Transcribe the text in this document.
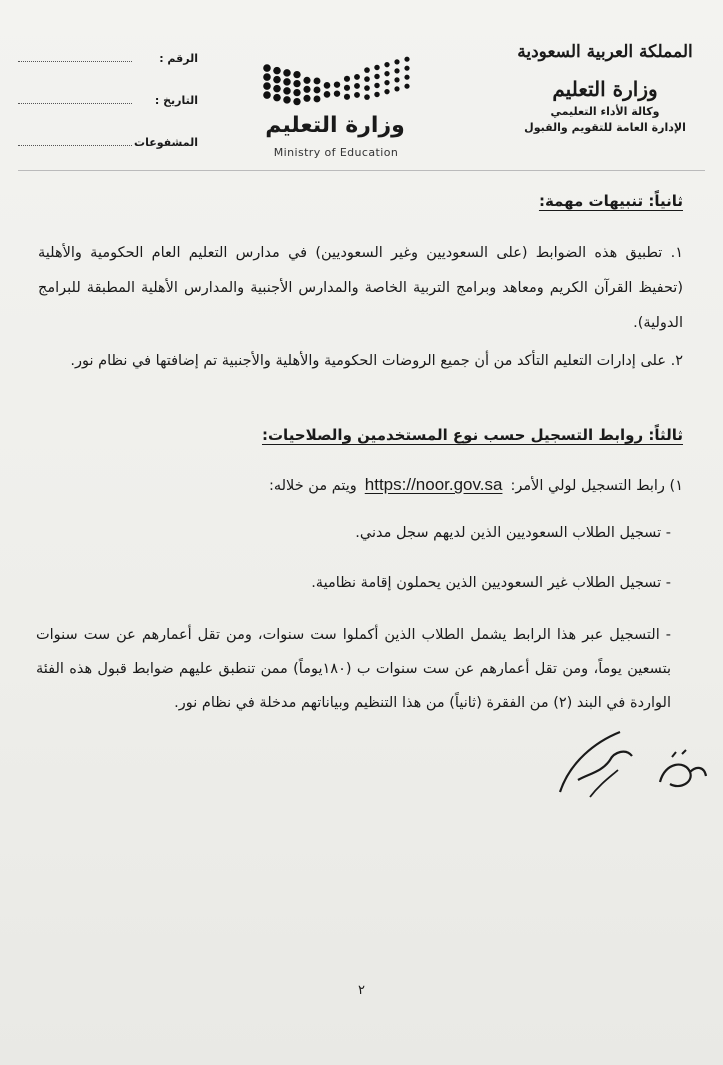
المملكة العربية السعودية
وزارة التعليم
وكالة الأداء التعليمي
الإدارة العامة للتقويم والقبول
وزارة التعليم
Ministry of Education
الرقم :
التاريخ :
المشفوعات
ثانياً: تنبيهات مهمة:
١. تطبيق هذه الضوابط (على السعوديين وغير السعوديين) في مدارس التعليم العام الحكومية والأهلية (تحفيظ القرآن الكريم ومعاهد وبرامج التربية الخاصة والمدارس الأجنبية والمدارس الأهلية المطبقة للبرامج الدولية).
٢. على إدارات التعليم التأكد من أن جميع الروضات الحكومية والأهلية والأجنبية تم إضافتها في نظام نور.
ثالثاً: روابط التسجيل حسب نوع المستخدمين والصلاحيات:
١) رابط التسجيل لولي الأمر:https://noor.gov.saويتم من خلاله:
- تسجيل الطلاب السعوديين الذين لديهم سجل مدني.
- تسجيل الطلاب غير السعوديين الذين يحملون إقامة نظامية.
- التسجيل عبر هذا الرابط يشمل الطلاب الذين أكملوا ست سنوات، ومن تقل أعمارهم عن ست سنوات بتسعين يوماً، ومن تقل أعمارهم عن ست سنوات ب (١٨٠يوماً) ممن تنطبق عليهم ضوابط قبول هذه الفئة الواردة في البند (٢) من الفقرة (ثانياً) من هذا التنظيم وبياناتهم مدخلة في نظام نور.
٢
